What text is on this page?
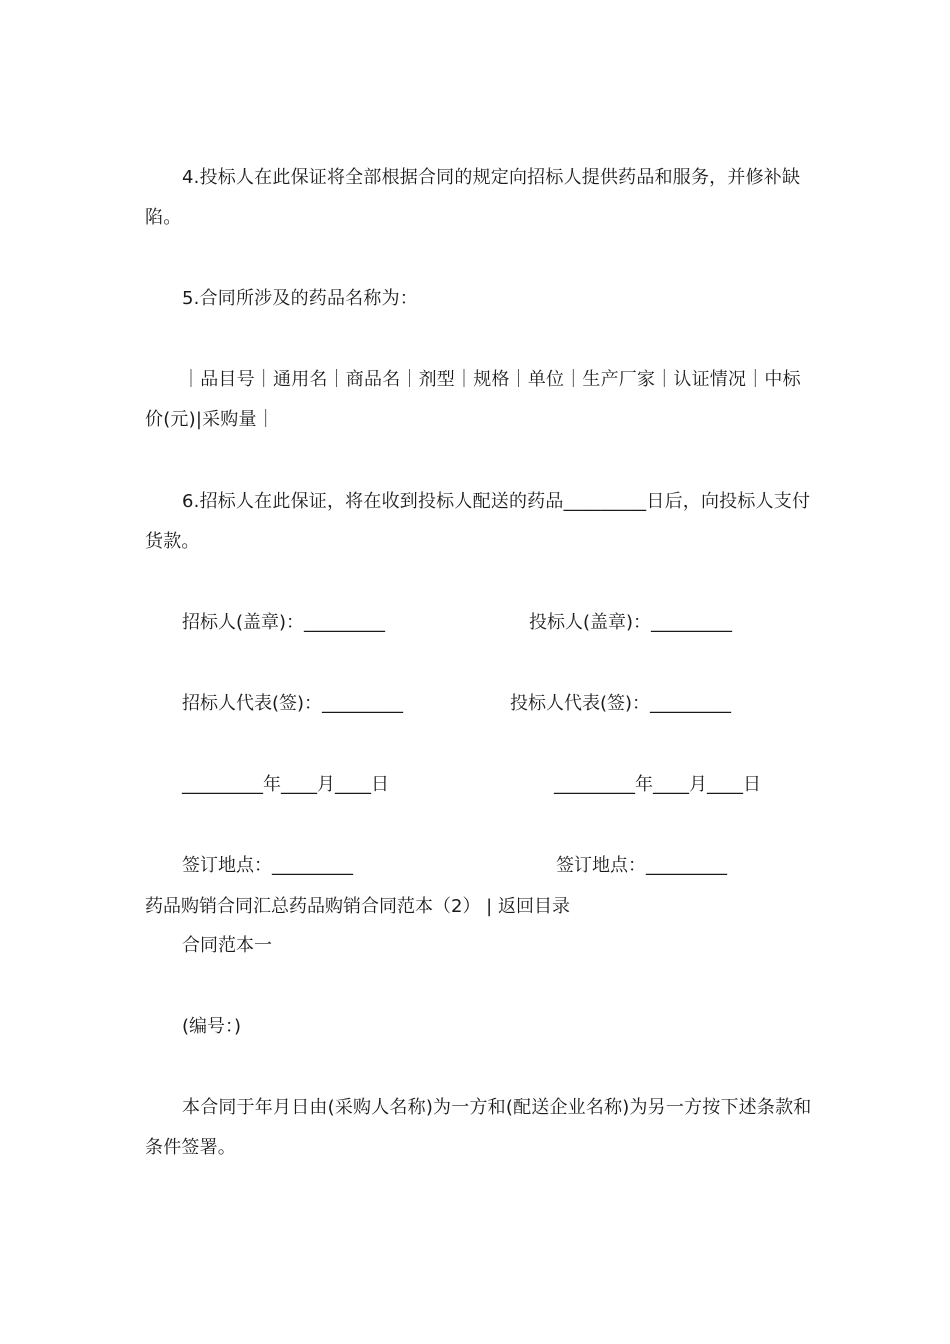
4.投标人在此保证将全部根据合同的规定向招标人提供药品和服务，并修补缺陷。

5.合同所涉及的药品名称为：

｜品目号｜通用名｜商品名｜剂型｜规格｜单位｜生产厂家｜认证情况｜中标价(元)|采购量｜

6.招标人在此保证，将在收到投标人配送的药品_________日后，向投标人支付货款。

招标人(盖章)：_________	投标人(盖章)：_________
招标人代表(签)：_________	投标人代表(签)：_________
_________年____月____日	_________年____月____日
签订地点：_________	签订地点：_________
药品购销合同汇总药品购销合同范本（2） | 返回目录
合同范本一
(编号：)

本合同于年月日由(采购人名称)为一方和(配送企业名称)为另一方按下述条款和条件签署。
